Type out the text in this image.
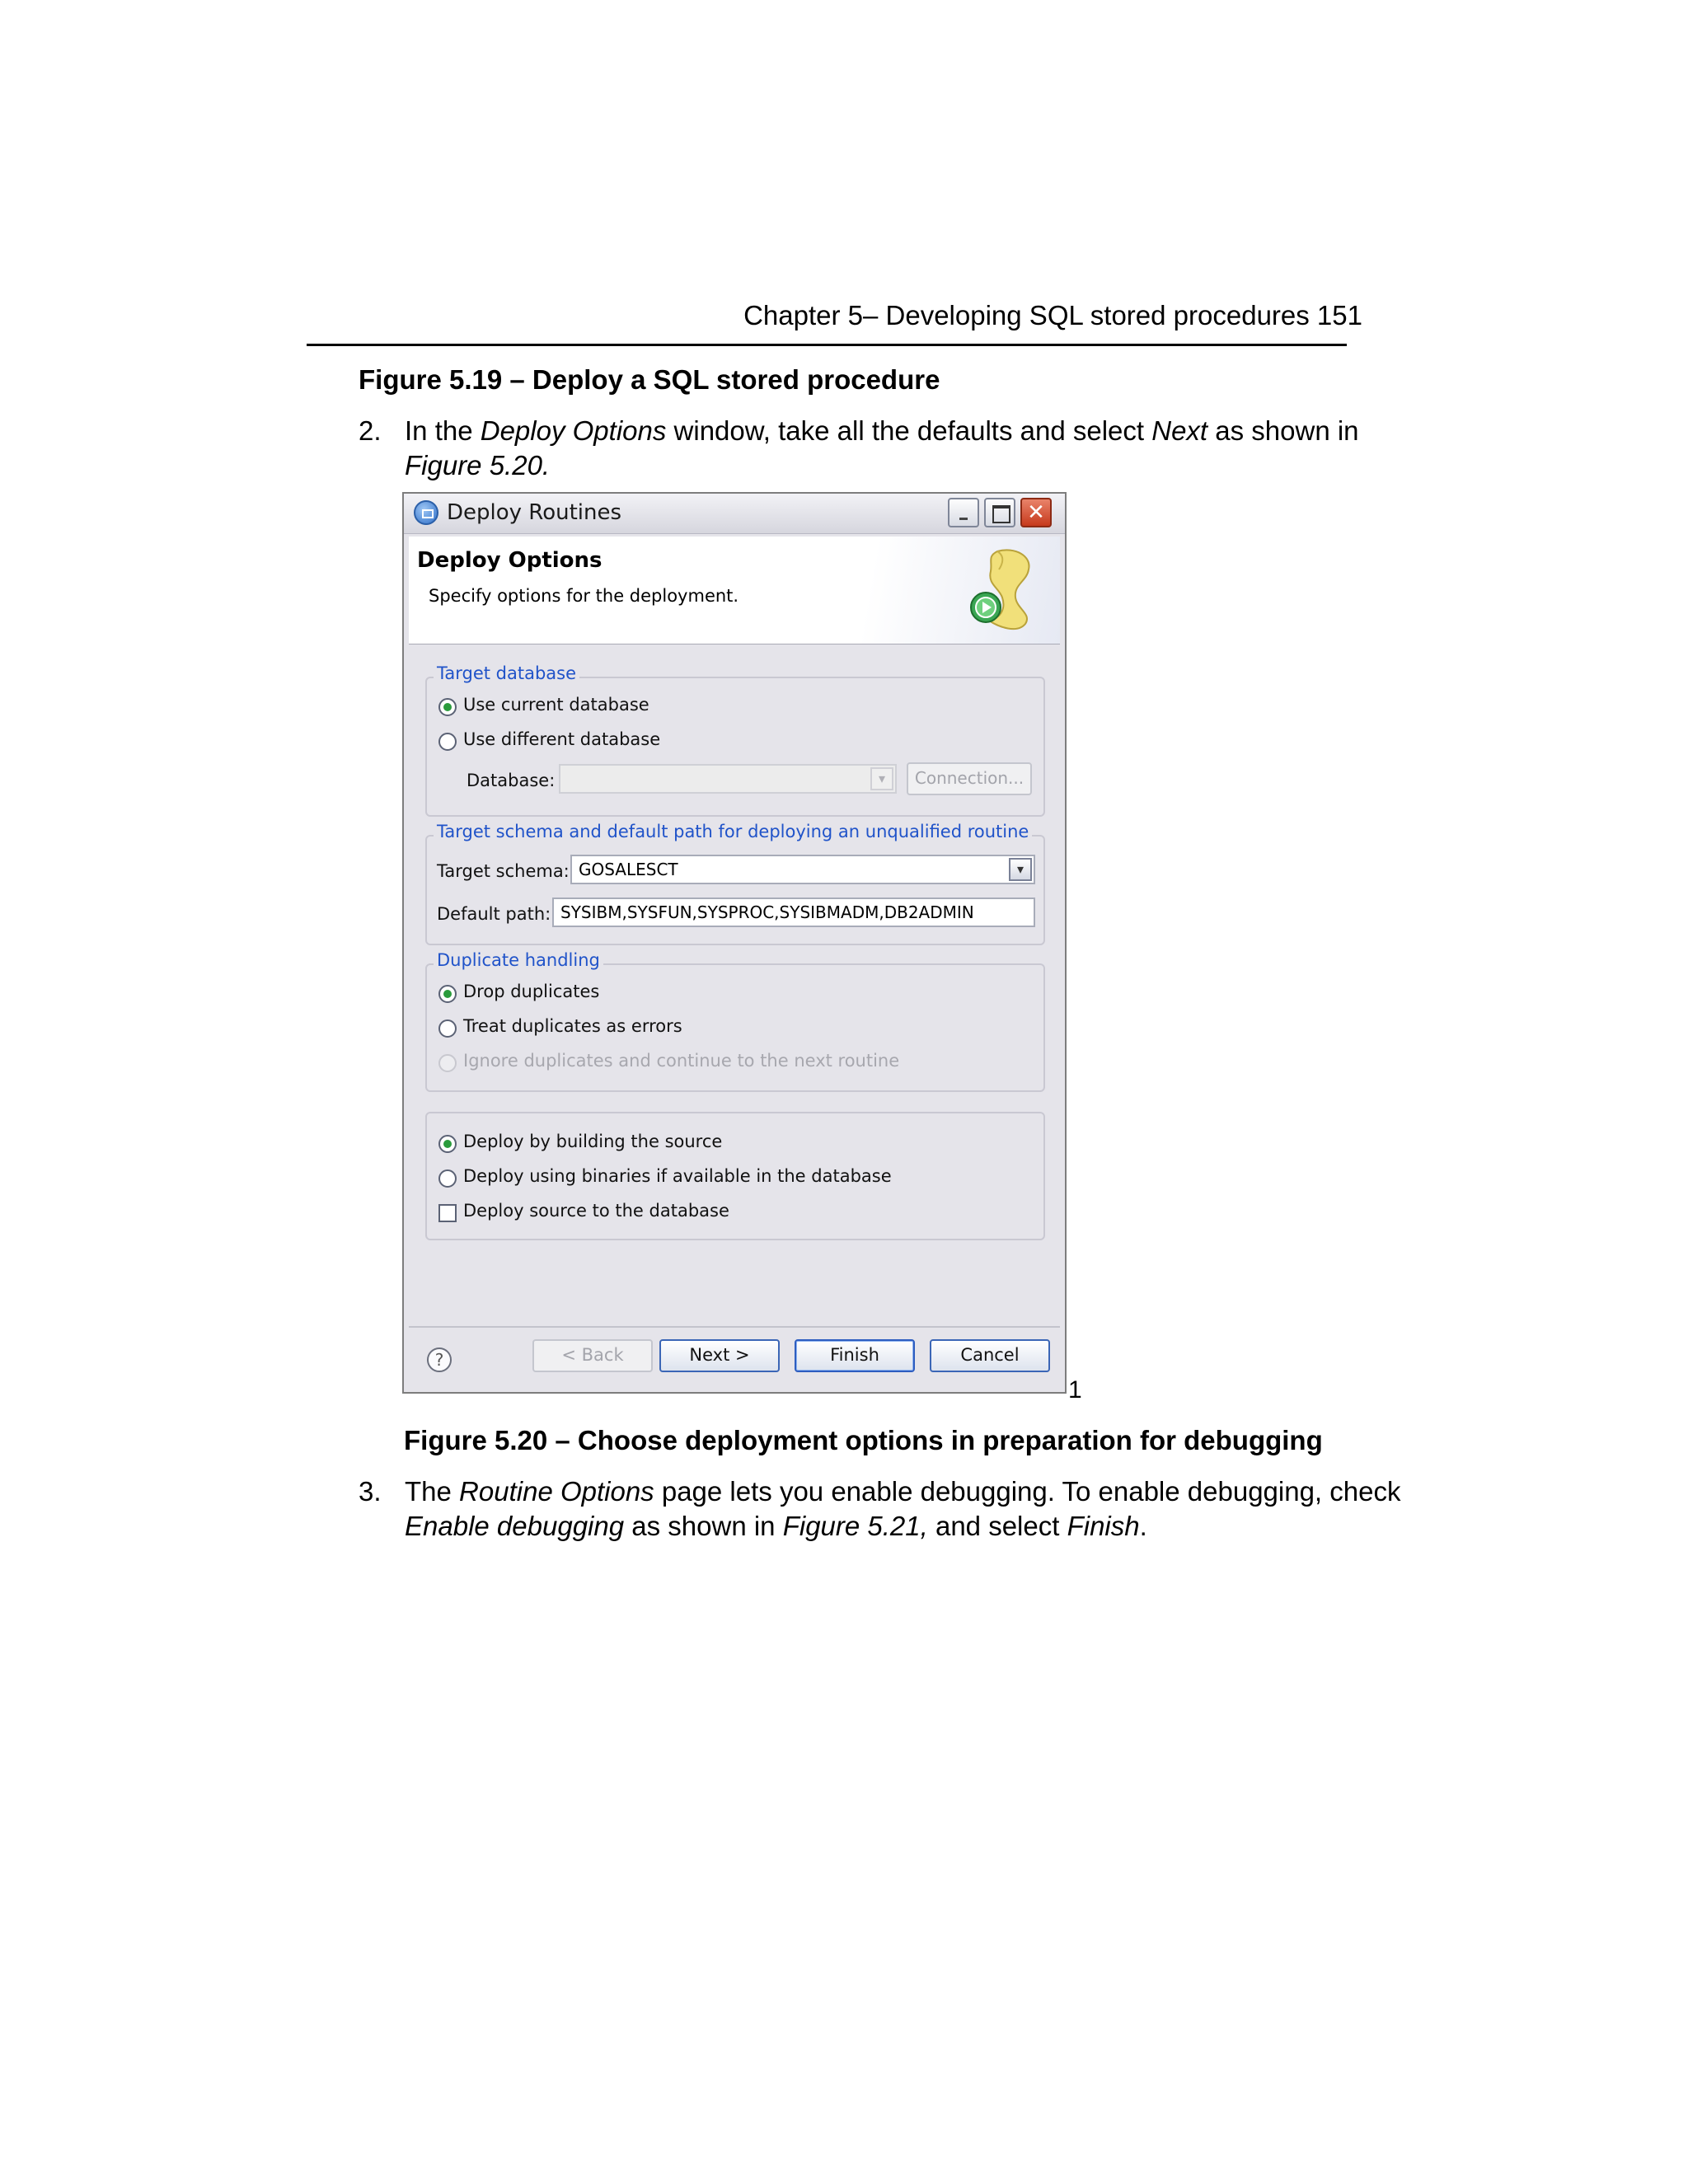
Chapter 5– Developing SQL stored procedures 151
Figure 5.19 – Deploy a SQL stored procedure
2. In the Deploy Options window, take all the defaults and select Next as shown in
Figure 5.20.
Deploy Routines	✕
Deploy Options
Specify options for the deployment.
Target database
Use current database
Use different database
Database:	▾	Connection...
Target schema and default path for deploying an unqualified routine
Target schema: GOSALESCT	▾
Default path: SYSIBM,SYSFUN,SYSPROC,SYSIBMADM,DB2ADMIN
Duplicate handling
Drop duplicates
Treat duplicates as errors
Ignore duplicates and continue to the next routine
Deploy by building the source
Deploy using binaries if available in the database
Deploy source to the database
?	< Back	Next >	Finish	Cancel
1
Figure 5.20 – Choose deployment options in preparation for debugging
3. The Routine Options page lets you enable debugging. To enable debugging, check
Enable debugging as shown in Figure 5.21, and select Finish.
